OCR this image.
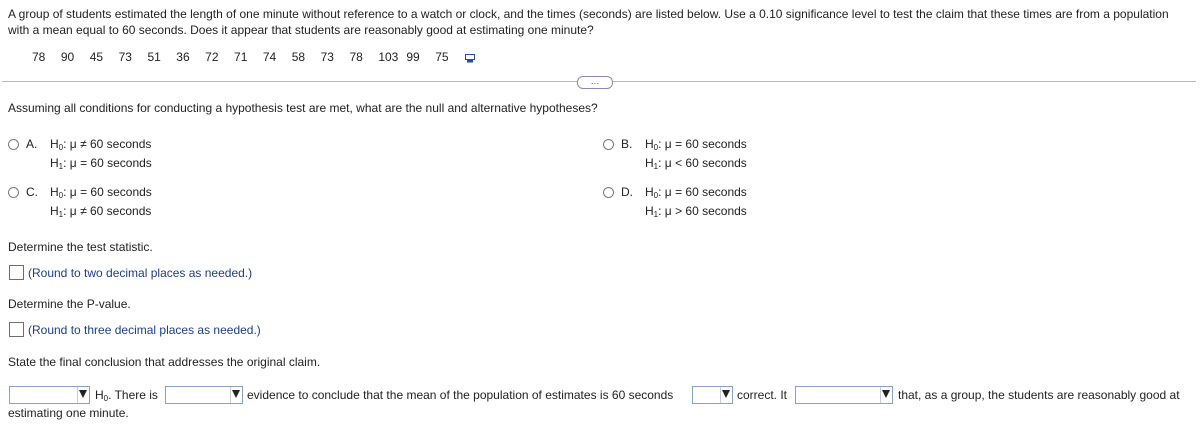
A group of students estimated the length of one minute without reference to a watch or clock, and the times (seconds) are listed below. Use a 0.10 significance level to test the claim that these times are from a population with a mean equal to 60 seconds. Does it appear that students are reasonably good at estimating one minute?
78 90 45 73 51 36 72 71 74 58 73 78 103 99 75
…
Assuming all conditions for conducting a hypothesis test are met, what are the null and alternative hypotheses?
A. $H_0$: μ ≠ 60 seconds
$H_1$: μ = 60 seconds
B. $H_0$: μ = 60 seconds
$H_1$: μ < 60 seconds
C. $H_0$: μ = 60 seconds
$H_1$: μ ≠ 60 seconds
D. $H_0$: μ = 60 seconds
$H_1$: μ > 60 seconds
Determine the test statistic.
(Round to two decimal places as needed.)
Determine the P-value.
(Round to three decimal places as needed.)
State the final conclusion that addresses the original claim.
$H_0$. There is	evidence to conclude that the mean of the population of estimates is 60 seconds	correct. It	that, as a group, the students are reasonably good at
estimating one minute.
